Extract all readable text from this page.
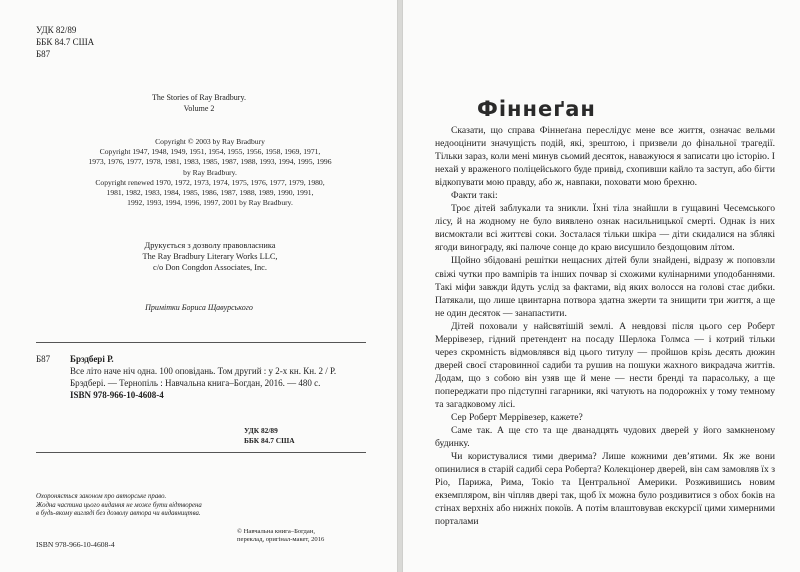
УДК 82/89
ББК 84.7 США
Б87
The Stories of Ray Bradbury.
Volume 2
Copyright © 2003 by Ray Bradbury
Copyright 1947, 1948, 1949, 1951, 1954, 1955, 1956, 1958, 1969, 1971,
1973, 1976, 1977, 1978, 1981, 1983, 1985, 1987, 1988, 1993, 1994, 1995, 1996
by Ray Bradbury.
Copyright renewed 1970, 1972, 1973, 1974, 1975, 1976, 1977, 1979, 1980,
1981, 1982, 1983, 1984, 1985, 1986, 1987, 1988, 1989, 1990, 1991,
1992, 1993, 1994, 1996, 1997, 2001 by Ray Bradbury.
Друкується з дозволу правовласника
The Ray Bradbury Literary Works LLC,
c/o Don Congdon Associates, Inc.
Примітки Бориса Щавурського
Б87	Брэдбері Р.
Все літо наче ніч одна. 100 оповідань. Том другий : у 2-х кн. Кн. 2 / Р. Брэдбері. — Тернопіль : Навчальна книга–Богдан, 2016. — 480 с.
ISBN 978-966-10-4608-4
УДК 82/89
ББК 84.7 США
Охороняється законом про авторське право.
Жодна частина цього видання не може бути відтворена
в будь-якому вигляді без дозволу автора чи видавництва.
ISBN 978-966-10-4608-4
© Навчальна книга–Богдан,
переклад, оригінал-макет, 2016
Фіннеґан

Сказати, що справа Фіннеґана переслідує мене все життя, означає вельми недооцінити значущість подій, які, зрештою, і призвели до фінальної трагедії. Тільки зараз, коли мені минув сьомий десяток, наважуюся я записати цю історію. І нехай у враженого поліцейського буде привід, схопивши кайло та заступ, або бігти відкопувати мою правду, або ж, навпаки, поховати мою брехню.

Факти такі:

Троє дітей заблукали та зникли. Їхні тіла знайшли в гущавині Чесемського лісу, й на жодному не було виявлено ознак насильницької смерті. Однак із них висмоктали всі життєві соки. Зосталася тільки шкіра — діти скидалися на зблякі ягоди винограду, які палюче сонце до краю висушило бездощовим літом.

Щойно збідовані решітки нещасних дітей були знайдені, відразу ж поповзли свіжі чутки про вампірів та інших почвар зі схожими кулінарними уподобаннями. Такі міфи завжди йдуть услід за фактами, від яких волосся на голові стає дибки. Патякали, що лише цвинтарна потвора здатна зжерти та знищити три життя, а ще не один десяток — занапастити.

Дітей поховали у найсвятішій землі. А невдовзі після цього сер Роберт Меррівезер, гідний претендент на посаду Шерлока Голмса — і котрий тільки через скромність відмовлявся від цього титулу — пройшов крізь десять дюжин дверей своєї старовинної садиби та рушив на пошуки жахного викрадача життів. Додам, що з собою він узяв ще й мене — нести бренді та парасольку, а ще попереджати про підступні гагарники, які чатують на подорожніх у тому темному та загадковому лісі.

Сер Роберт Меррівезер, кажете?

Саме так. А ще сто та ще дванадцять чудових дверей у його замкненому будинку.

Чи користувалися тими дверима? Лише кожними дев’ятими. Як же вони опинилися в старій садибі сера Роберта? Колекціонер дверей, він сам замовляв їх з Ріо, Парижа, Рима, Токіо та Центральної Америки. Розживишись новим екземпляром, він чіпляв двері так, щоб їх можна було роздивитися з обох боків на стінах верхніх або нижніх покоїв. А потім влаштовував екскурсії цими химерними порталами
